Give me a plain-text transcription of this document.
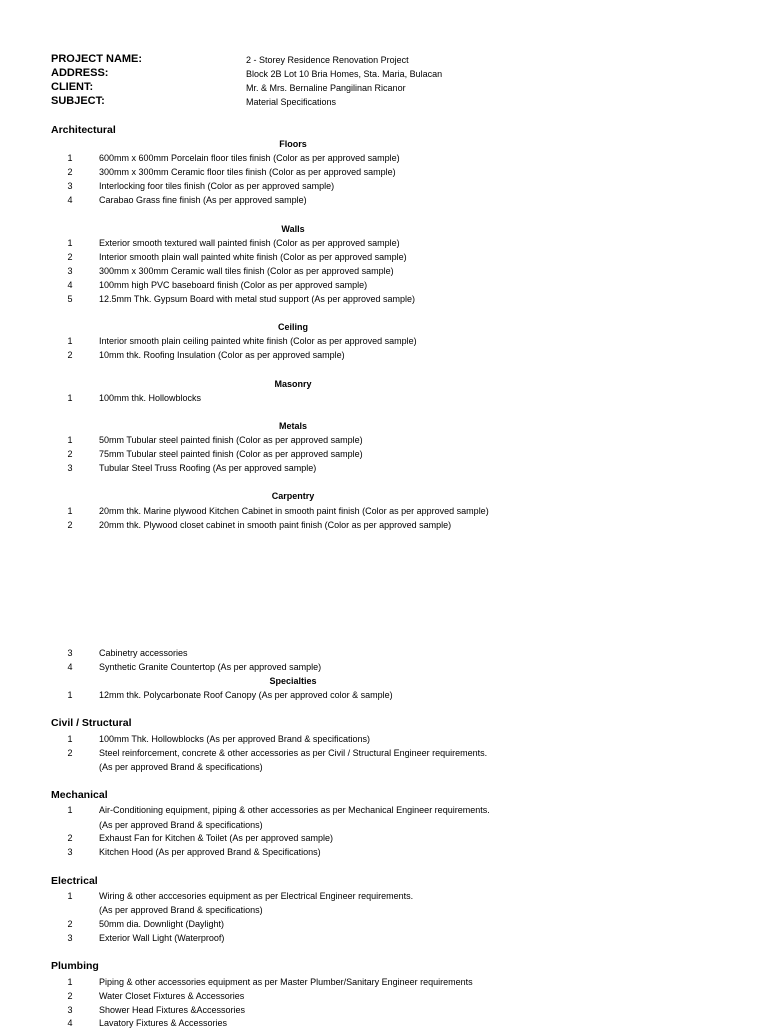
PROJECT NAME:	2 - Storey Residence Renovation Project
ADDRESS:	Block 2B Lot 10 Bria Homes, Sta. Maria, Bulacan
CLIENT:	Mr. & Mrs. Bernaline Pangilinan Ricanor
SUBJECT:	Material Specifications
Architectural
Floors
1	600mm x 600mm Porcelain floor tiles finish (Color as per approved sample)
2	300mm x 300mm Ceramic floor tiles finish (Color as per approved sample)
3	Interlocking foor tiles finish (Color as per approved sample)
4	Carabao Grass fine finish (As per approved sample)
Walls
1	Exterior smooth textured wall painted finish (Color as per approved sample)
2	Interior smooth plain wall painted white finish (Color as per approved sample)
3	300mm x 300mm Ceramic wall tiles finish (Color as per approved sample)
4	100mm high PVC baseboard finish (Color as per approved sample)
5	12.5mm Thk. Gypsum Board with metal stud support (As per approved sample)
Ceiling
1	Interior smooth plain ceiling painted white finish (Color as per approved sample)
2	10mm thk. Roofing Insulation (Color as per approved sample)
Masonry
1	100mm thk. Hollowblocks
Metals
1	50mm Tubular steel painted finish (Color as per approved sample)
2	75mm Tubular steel painted finish (Color as per approved sample)
3	Tubular Steel Truss Roofing (As per approved sample)
Carpentry
1	20mm thk. Marine plywood Kitchen Cabinet in smooth paint finish (Color as per approved sample)
2	20mm thk. Plywood closet cabinet in smooth paint finish (Color as per approved sample)
3	Cabinetry accessories
4	Synthetic Granite Countertop (As per approved sample)
Specialties
1	12mm thk. Polycarbonate Roof Canopy (As per approved color & sample)
Civil / Structural
1	100mm Thk. Hollowblocks (As per approved Brand & specifications)
2	Steel reinforcement, concrete & other accessories as per Civil / Structural Engineer requirements.
(As per approved Brand & specifications)
Mechanical
1	Air-Conditioning equipment, piping & other accessories as per Mechanical Engineer requirements.
(As per approved Brand & specifications)
2	Exhaust Fan for Kitchen & Toilet (As per approved sample)
3	Kitchen Hood (As per approved Brand & Specifications)
Electrical
1	Wiring & other acccesories equipment as per Electrical Engineer requirements.
(As per approved Brand & specifications)
2	50mm dia. Downlight (Daylight)
3	Exterior Wall Light (Waterproof)
Plumbing
1	Piping & other accessories equipment as per Master Plumber/Sanitary Engineer requirements
2	Water Closet Fixtures & Accessories
3	Shower Head Fixtures &Accessories
4	Lavatory Fixtures & Accessories
